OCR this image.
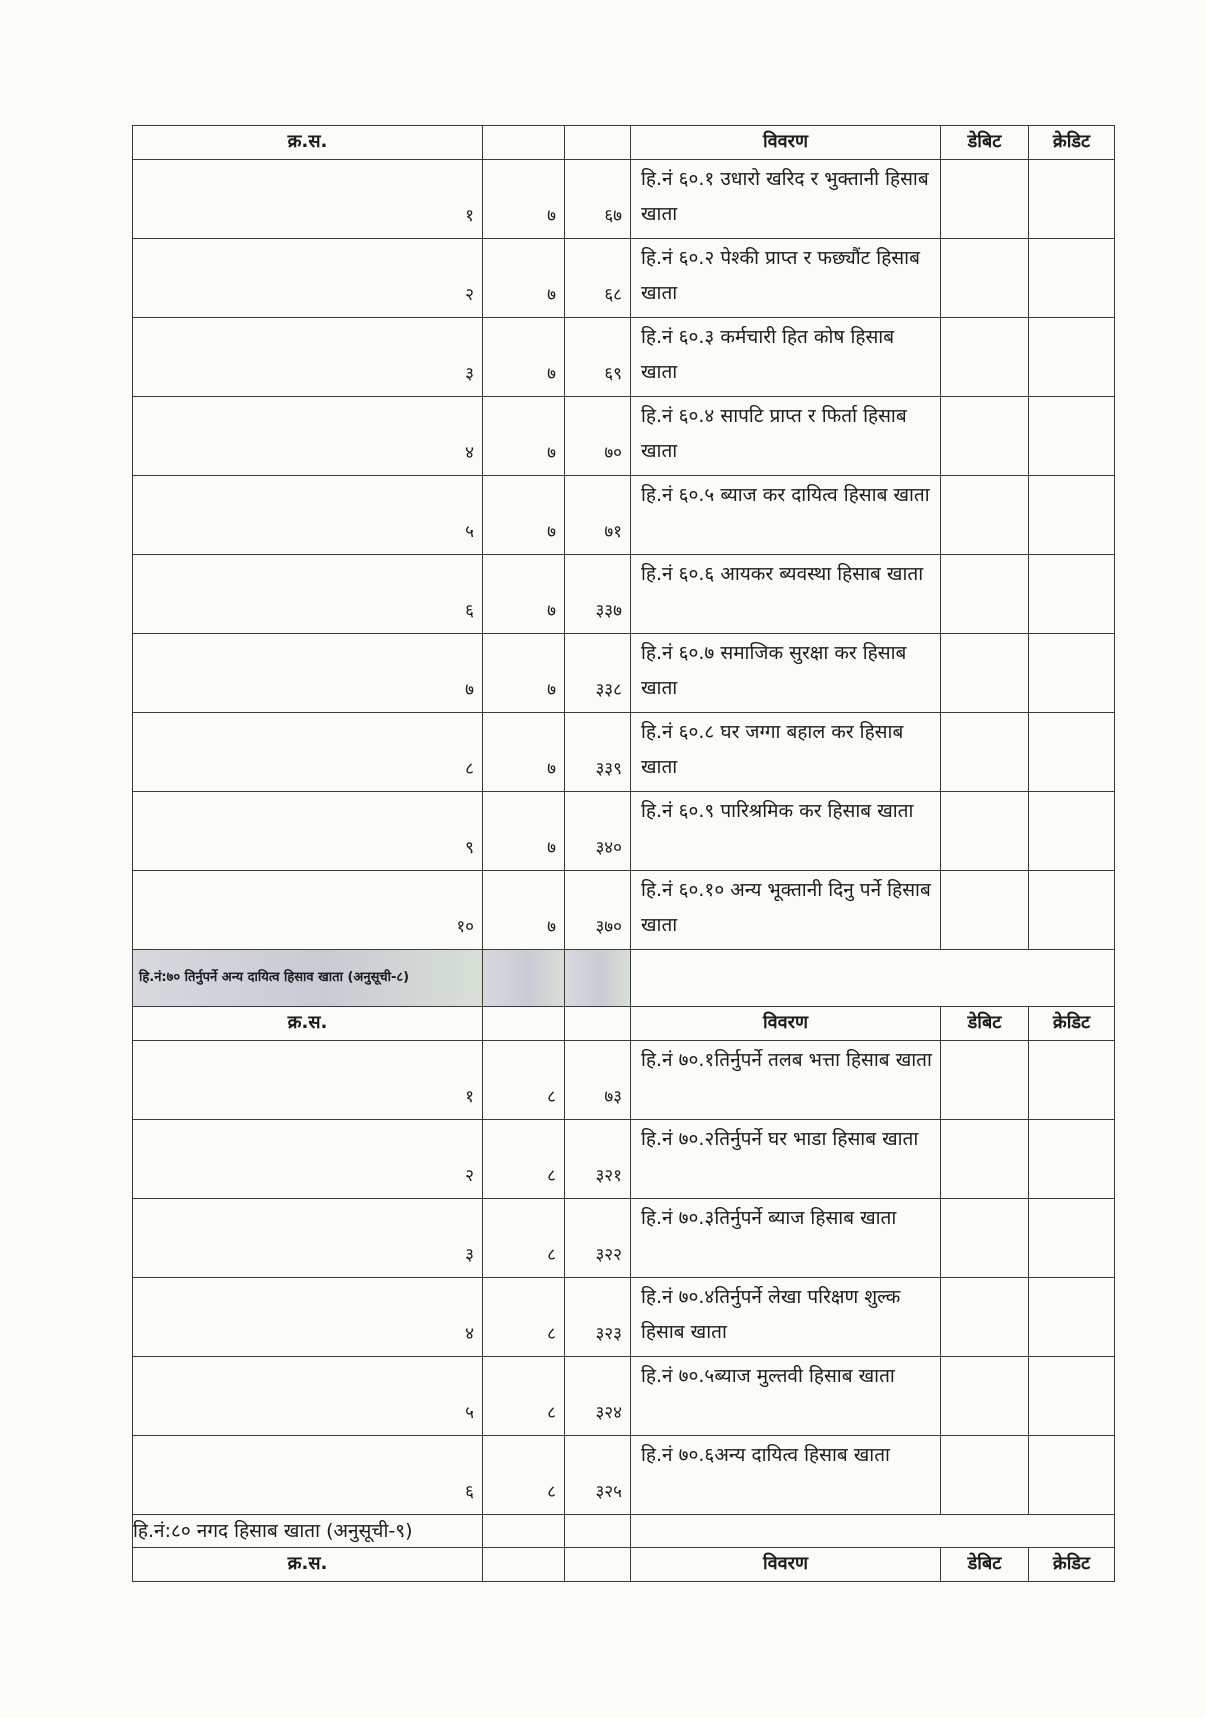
क्र.स.			विवरण	डेबिट	क्रेडिट
१	७	६७	हि.नं ६०.१ उधारो खरिद र भुक्तानी हिसाब खाता		
२	७	६८	हि.नं ६०.२ पेश्की प्राप्त र फछ्यौंट हिसाब खाता		
३	७	६९	हि.नं ६०.३ कर्मचारी हित कोष हिसाब खाता		
४	७	७०	हि.नं ६०.४ सापटि प्राप्त र फिर्ता हिसाब खाता		
५	७	७१	हि.नं ६०.५ ब्याज कर दायित्व हिसाब खाता		
६	७	३३७	हि.नं ६०.६ आयकर ब्यवस्था हिसाब खाता		
७	७	३३८	हि.नं ६०.७ समाजिक सुरक्षा कर हिसाब खाता		
८	७	३३९	हि.नं ६०.८ घर जग्गा बहाल कर हिसाब खाता		
९	७	३४०	हि.नं ६०.९ पारिश्रमिक कर हिसाब खाता		
१०	७	३७०	हि.नं ६०.१० अन्य भूक्तानी दिनु पर्ने हिसाब खाता		
हि.नं:७० तिर्नुपर्ने अन्य दायित्व हिसाव खाता (अनुसूची-८)					
क्र.स.			विवरण	डेबिट	क्रेडिट
१	८	७३	हि.नं ७०.१तिर्नुपर्ने तलब भत्ता हिसाब खाता		
२	८	३२१	हि.नं ७०.२तिर्नुपर्ने घर भाडा हिसाब खाता		
३	८	३२२	हि.नं ७०.३तिर्नुपर्ने ब्याज हिसाब खाता		
४	८	३२३	हि.नं ७०.४तिर्नुपर्ने लेखा परिक्षण शुल्क हिसाब खाता		
५	८	३२४	हि.नं ७०.५ब्याज मुल्तवी हिसाब खाता		
६	८	३२५	हि.नं ७०.६अन्य दायित्व हिसाब खाता		
हि.नं:८० नगद हिसाब खाता (अनुसूची-९)					
क्र.स.			विवरण	डेबिट	क्रेडिट
